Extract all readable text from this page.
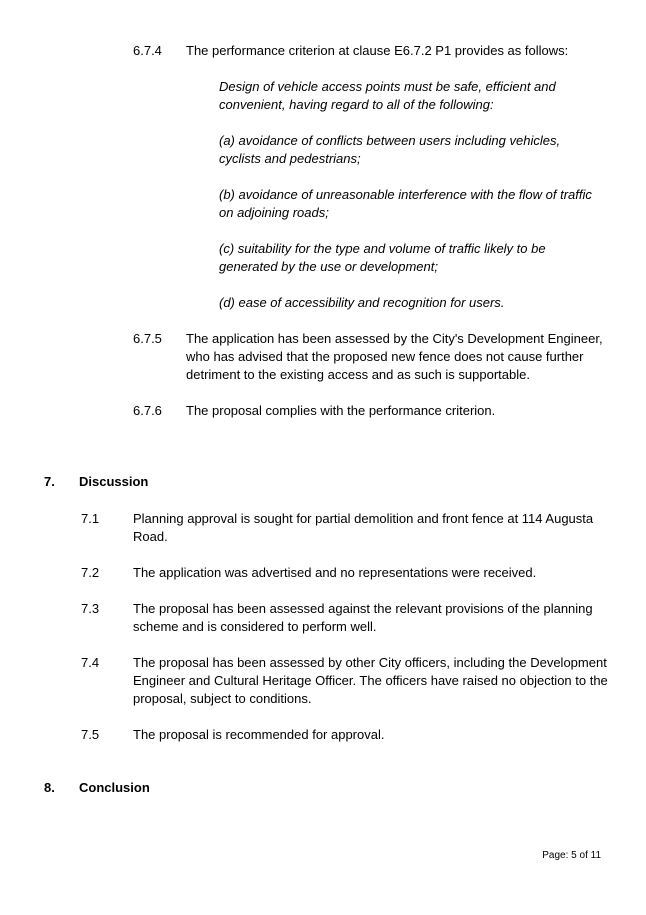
6.7.4	The performance criterion at clause E6.7.2 P1 provides as follows:
Design of vehicle access points must be safe, efficient and convenient, having regard to all of the following:
(a) avoidance of conflicts between users including vehicles, cyclists and pedestrians;
(b) avoidance of unreasonable interference with the flow of traffic on adjoining roads;
(c) suitability for the type and volume of traffic likely to be generated by the use or development;
(d) ease of accessibility and recognition for users.
6.7.5	The application has been assessed by the City's Development Engineer, who has advised that the proposed new fence does not cause further detriment to the existing access and as such is supportable.
6.7.6	The proposal complies with the performance criterion.
7. Discussion
7.1	Planning approval is sought for partial demolition and front fence at 114 Augusta Road.
7.2	The application was advertised and no representations were received.
7.3	The proposal has been assessed against the relevant provisions of the planning scheme and is considered to perform well.
7.4	The proposal has been assessed by other City officers, including the Development Engineer and Cultural Heritage Officer. The officers have raised no objection to the proposal, subject to conditions.
7.5	The proposal is recommended for approval.
8. Conclusion
Page: 5 of 11
